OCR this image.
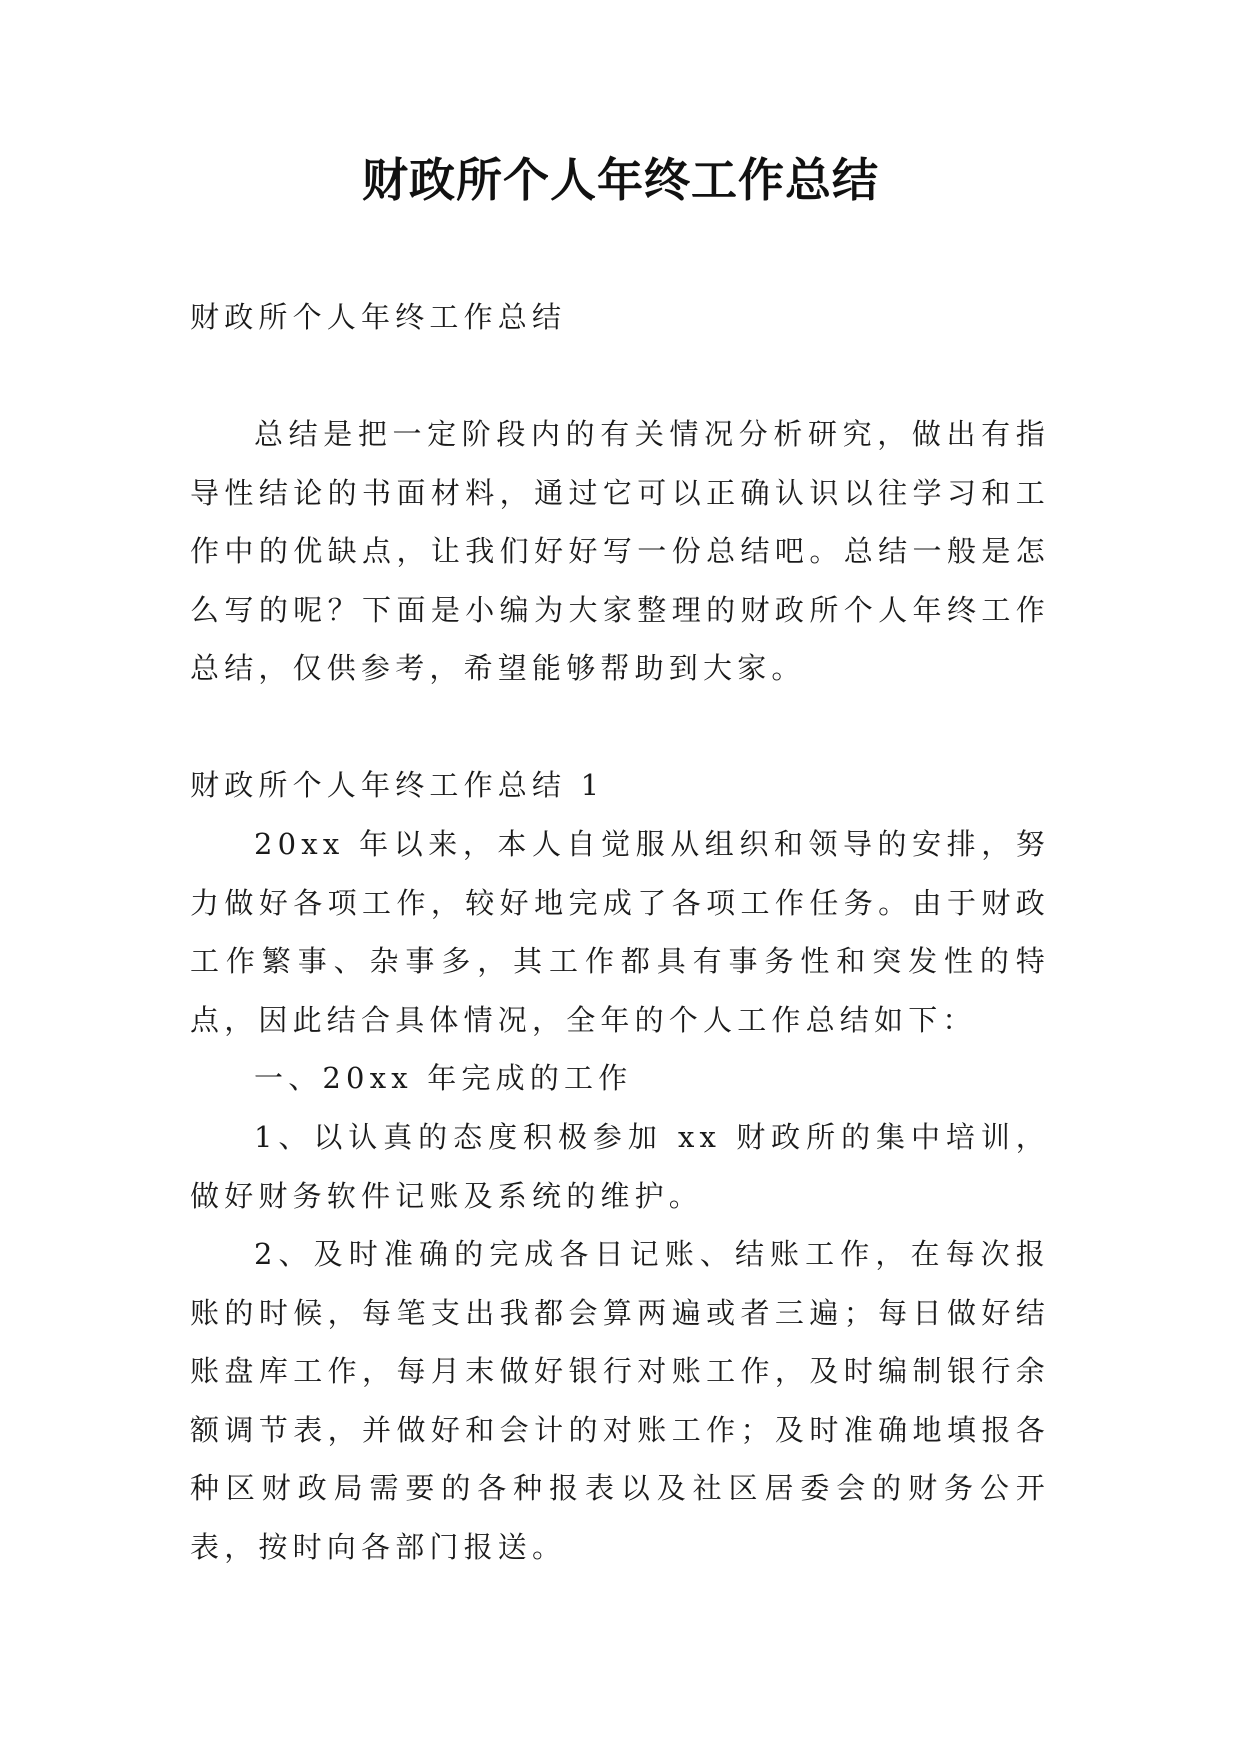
财政所个人年终工作总结

财政所个人年终工作总结

总结是把一定阶段内的有关情况分析研究，做出有指导性结论的书面材料，通过它可以正确认识以往学习和工作中的优缺点，让我们好好写一份总结吧。总结一般是怎么写的呢？下面是小编为大家整理的财政所个人年终工作总结，仅供参考，希望能够帮助到大家。

财政所个人年终工作总结 1

20xx 年以来，本人自觉服从组织和领导的安排，努力做好各项工作，较好地完成了各项工作任务。由于财政工作繁事、杂事多，其工作都具有事务性和突发性的特点，因此结合具体情况，全年的个人工作总结如下：

一、20xx 年完成的工作

1、以认真的态度积极参加 xx 财政所的集中培训，做好财务软件记账及系统的维护。

2、及时准确的完成各日记账、结账工作，在每次报账的时候，每笔支出我都会算两遍或者三遍；每日做好结账盘库工作，每月末做好银行对账工作，及时编制银行余额调节表，并做好和会计的对账工作；及时准确地填报各种区财政局需要的各种报表以及社区居委会的财务公开表，按时向各部门报送。
